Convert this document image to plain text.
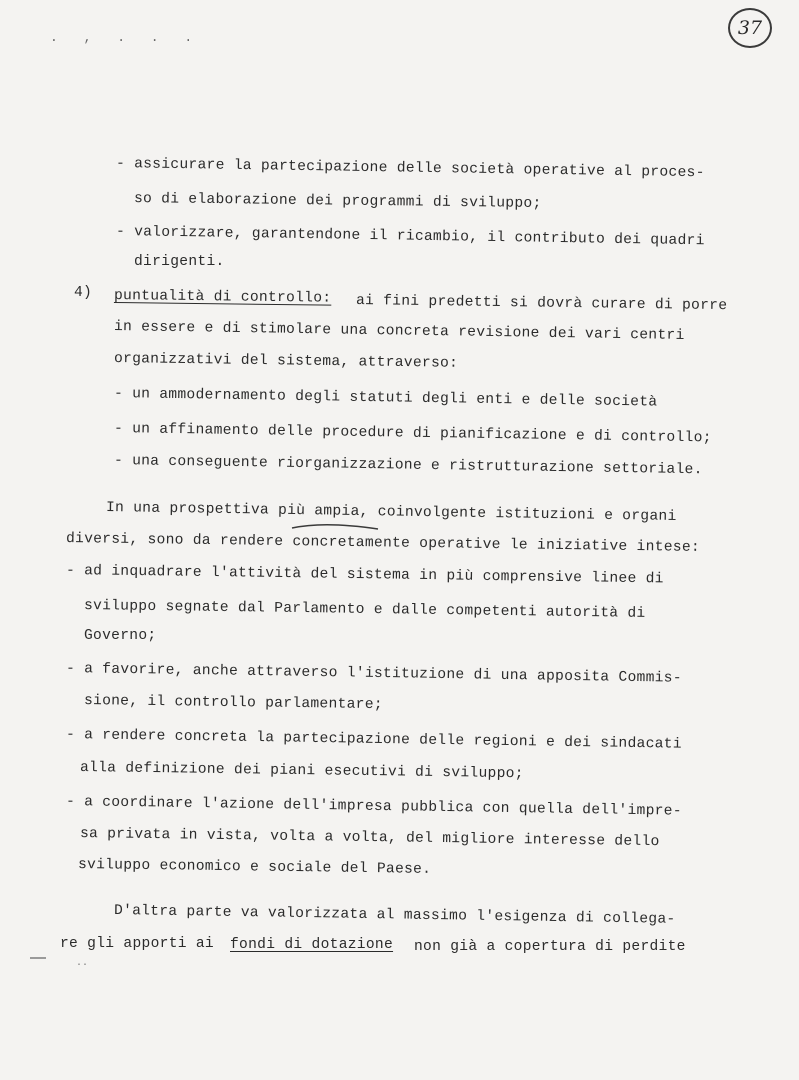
. , . . .	37
- assicurare la partecipazione delle società operative al proces-
so di elaborazione dei programmi di sviluppo;
- valorizzare, garantendone il ricambio, il contributo dei quadri
dirigenti.
4) puntualità di controllo: ai fini predetti si dovrà curare di porre
in essere e di stimolare una concreta revisione dei vari centri
organizzativi del sistema, attraverso:
- un ammodernamento degli statuti degli enti e delle società
- un affinamento delle procedure di pianificazione e di controllo;
- una conseguente riorganizzazione e ristrutturazione settoriale.
In una prospettiva più ampia, coinvolgente istituzioni e organi
diversi, sono da rendere concretamente operative le iniziative intese:
- ad inquadrare l'attività del sistema in più comprensive linee di
sviluppo segnate dal Parlamento e dalle competenti autorità di
Governo;
- a favorire, anche attraverso l'istituzione di una apposita Commis-
sione, il controllo parlamentare;
- a rendere concreta la partecipazione delle regioni e dei sindacati
alla definizione dei piani esecutivi di sviluppo;
- a coordinare l'azione dell'impresa pubblica con quella dell'impre-
sa privata in vista, volta a volta, del migliore interesse dello
sviluppo economico e sociale del Paese.
D'altra parte va valorizzata al massimo l'esigenza di collega-
re gli apporti ai fondi di dotazione non già a copertura di perdite
··
